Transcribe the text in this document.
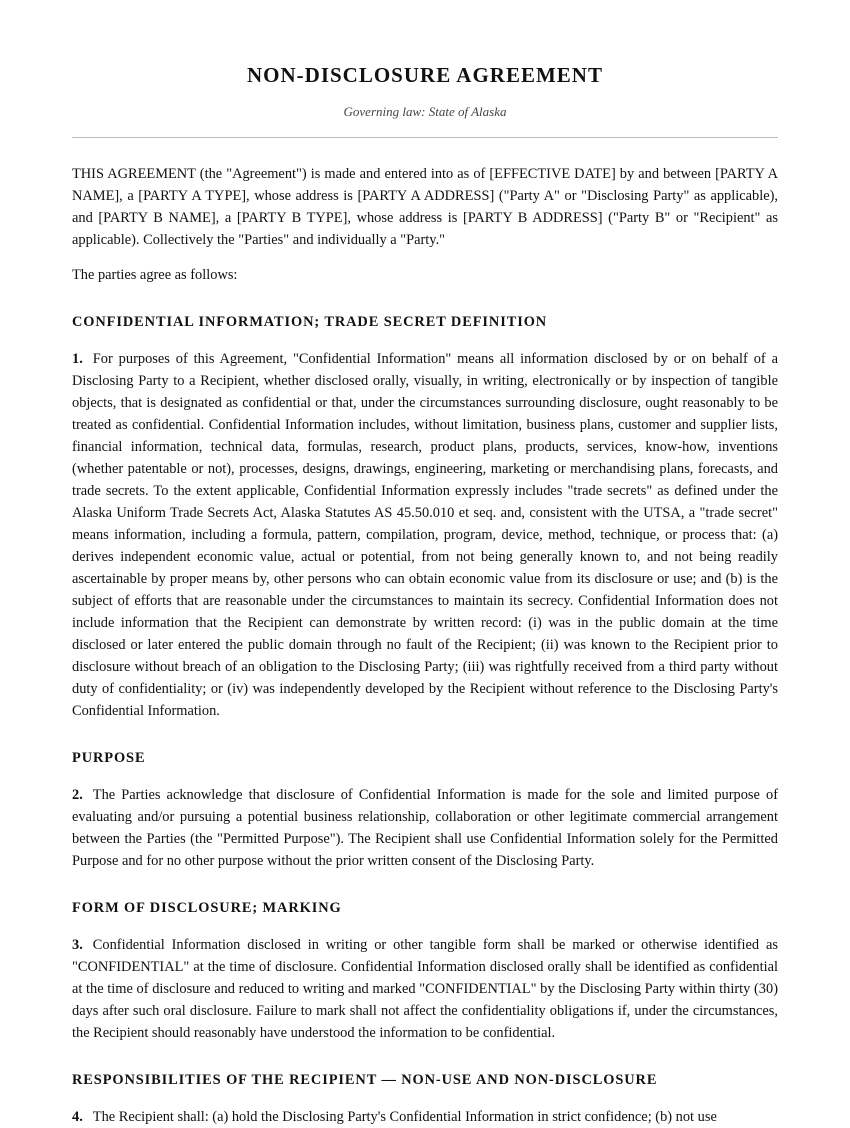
NON-DISCLOSURE AGREEMENT
Governing law: State of Alaska

THIS AGREEMENT (the "Agreement") is made and entered into as of [EFFECTIVE DATE] by and between [PARTY A NAME], a [PARTY A TYPE], whose address is [PARTY A ADDRESS] ("Party A" or "Disclosing Party" as applicable), and [PARTY B NAME], a [PARTY B TYPE], whose address is [PARTY B ADDRESS] ("Party B" or "Recipient" as applicable). Collectively the "Parties" and individually a "Party."

The parties agree as follows:

CONFIDENTIAL INFORMATION; TRADE SECRET DEFINITION

1. For purposes of this Agreement, "Confidential Information" means all information disclosed by or on behalf of a Disclosing Party to a Recipient, whether disclosed orally, visually, in writing, electronically or by inspection of tangible objects, that is designated as confidential or that, under the circumstances surrounding disclosure, ought reasonably to be treated as confidential. Confidential Information includes, without limitation, business plans, customer and supplier lists, financial information, technical data, formulas, research, product plans, products, services, know-how, inventions (whether patentable or not), processes, designs, drawings, engineering, marketing or merchandising plans, forecasts, and trade secrets. To the extent applicable, Confidential Information expressly includes "trade secrets" as defined under the Alaska Uniform Trade Secrets Act, Alaska Statutes AS 45.50.010 et seq. and, consistent with the UTSA, a "trade secret" means information, including a formula, pattern, compilation, program, device, method, technique, or process that: (a) derives independent economic value, actual or potential, from not being generally known to, and not being readily ascertainable by proper means by, other persons who can obtain economic value from its disclosure or use; and (b) is the subject of efforts that are reasonable under the circumstances to maintain its secrecy. Confidential Information does not include information that the Recipient can demonstrate by written record: (i) was in the public domain at the time disclosed or later entered the public domain through no fault of the Recipient; (ii) was known to the Recipient prior to disclosure without breach of an obligation to the Disclosing Party; (iii) was rightfully received from a third party without duty of confidentiality; or (iv) was independently developed by the Recipient without reference to the Disclosing Party's Confidential Information.

PURPOSE

2. The Parties acknowledge that disclosure of Confidential Information is made for the sole and limited purpose of evaluating and/or pursuing a potential business relationship, collaboration or other legitimate commercial arrangement between the Parties (the "Permitted Purpose"). The Recipient shall use Confidential Information solely for the Permitted Purpose and for no other purpose without the prior written consent of the Disclosing Party.

FORM OF DISCLOSURE; MARKING

3. Confidential Information disclosed in writing or other tangible form shall be marked or otherwise identified as "CONFIDENTIAL" at the time of disclosure. Confidential Information disclosed orally shall be identified as confidential at the time of disclosure and reduced to writing and marked "CONFIDENTIAL" by the Disclosing Party within thirty (30) days after such oral disclosure. Failure to mark shall not affect the confidentiality obligations if, under the circumstances, the Recipient should reasonably have understood the information to be confidential.

RESPONSIBILITIES OF THE RECIPIENT — NON-USE AND NON-DISCLOSURE

4. The Recipient shall: (a) hold the Disclosing Party's Confidential Information in strict confidence; (b) not use
